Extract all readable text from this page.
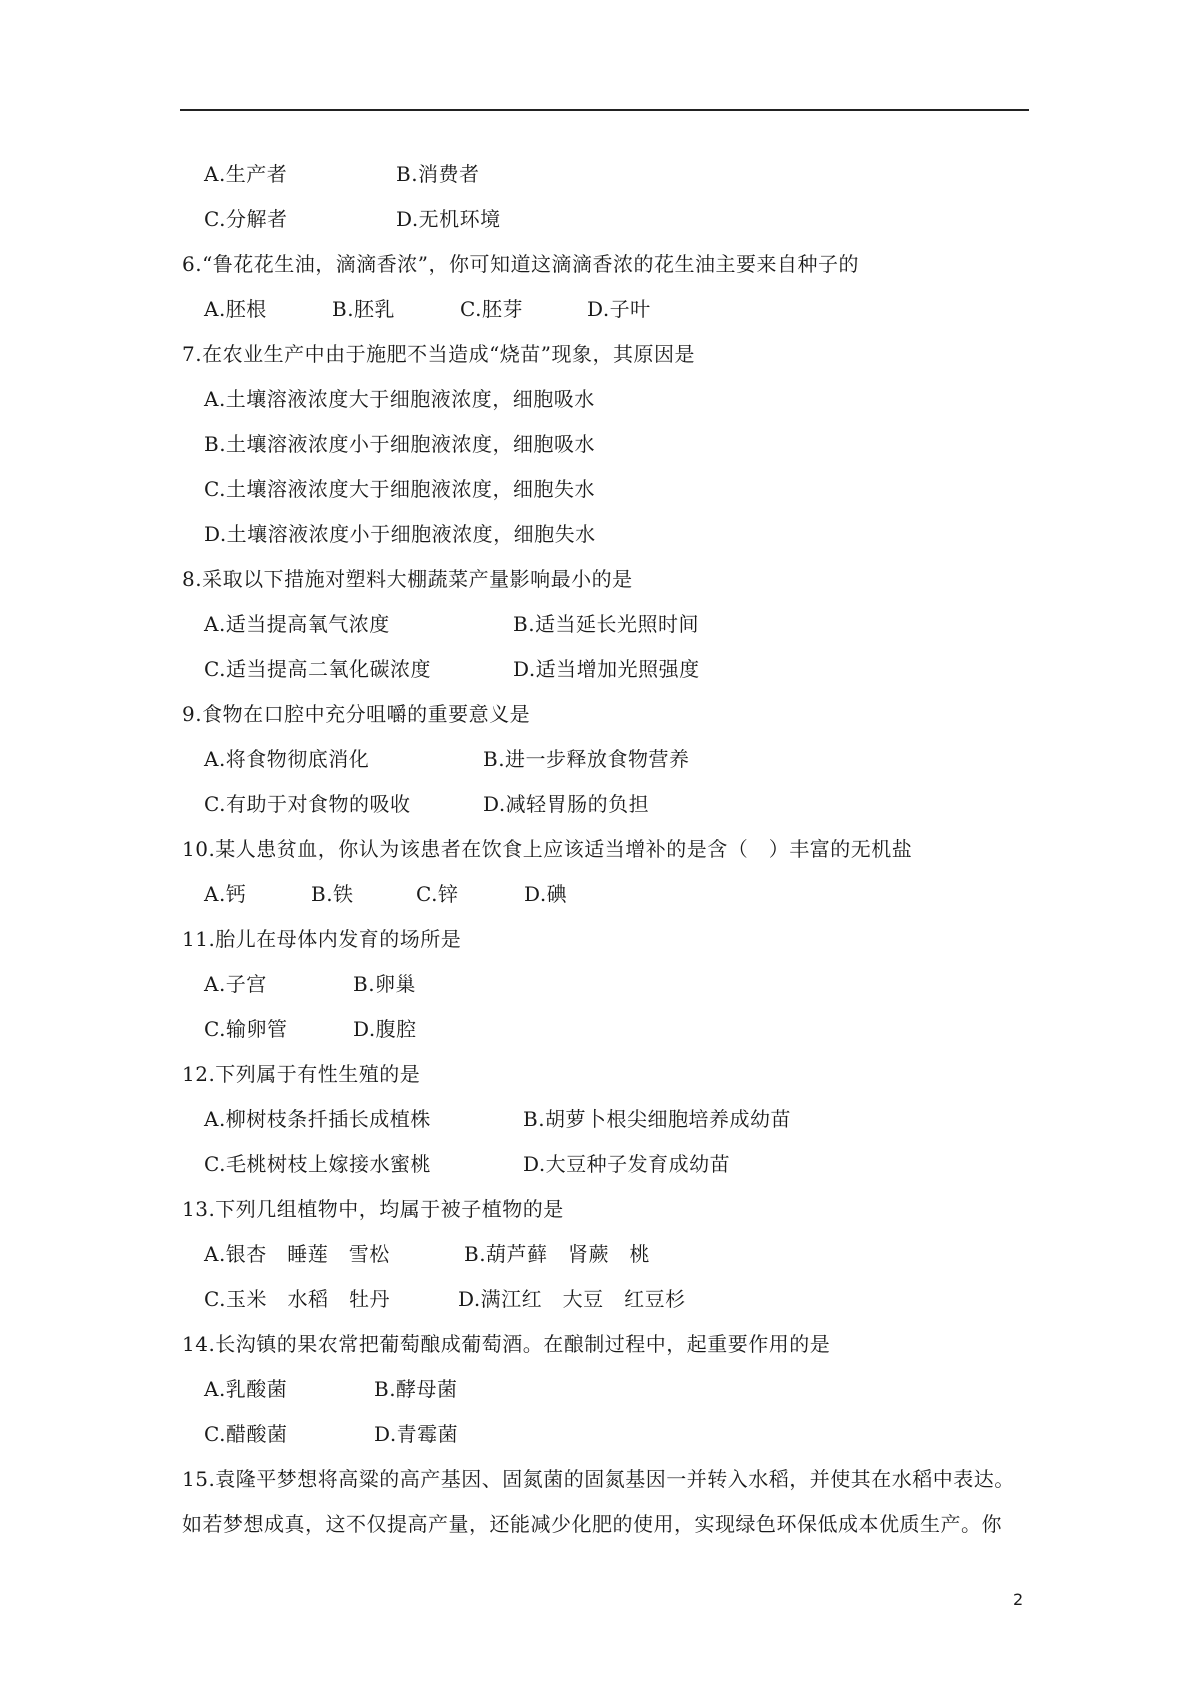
A.生产者	B.消费者
C.分解者	D.无机环境
6.“鲁花花生油，滴滴香浓”，你可知道这滴滴香浓的花生油主要来自种子的
A.胚根	B.胚乳	C.胚芽	D.子叶
7.在农业生产中由于施肥不当造成“烧苗”现象，其原因是
A.土壤溶液浓度大于细胞液浓度，细胞吸水
B.土壤溶液浓度小于细胞液浓度，细胞吸水
C.土壤溶液浓度大于细胞液浓度，细胞失水
D.土壤溶液浓度小于细胞液浓度，细胞失水
8.采取以下措施对塑料大棚蔬菜产量影响最小的是
A.适当提高氧气浓度	B.适当延长光照时间
C.适当提高二氧化碳浓度	D.适当增加光照强度
9.食物在口腔中充分咀嚼的重要意义是
A.将食物彻底消化	B.进一步释放食物营养
C.有助于对食物的吸收	D.减轻胃肠的负担
10.某人患贫血，你认为该患者在饮食上应该适当增补的是含（　）丰富的无机盐
A.钙	B.铁	C.锌	D.碘
11.胎儿在母体内发育的场所是
A.子宫	B.卵巢
C.输卵管	D.腹腔
12.下列属于有性生殖的是
A.柳树枝条扦插长成植株	B.胡萝卜根尖细胞培养成幼苗
C.毛桃树枝上嫁接水蜜桃	D.大豆种子发育成幼苗
13.下列几组植物中，均属于被子植物的是
A.银杏　睡莲　雪松	B.葫芦藓　肾蕨　桃
C.玉米　水稻　牡丹	D.满江红　大豆　红豆杉
14.长沟镇的果农常把葡萄酿成葡萄酒。在酿制过程中，起重要作用的是
A.乳酸菌	B.酵母菌
C.醋酸菌	D.青霉菌
15.袁隆平梦想将高粱的高产基因、固氮菌的固氮基因一并转入水稻，并使其在水稻中表达。
如若梦想成真，这不仅提高产量，还能减少化肥的使用，实现绿色环保低成本优质生产。你
2
